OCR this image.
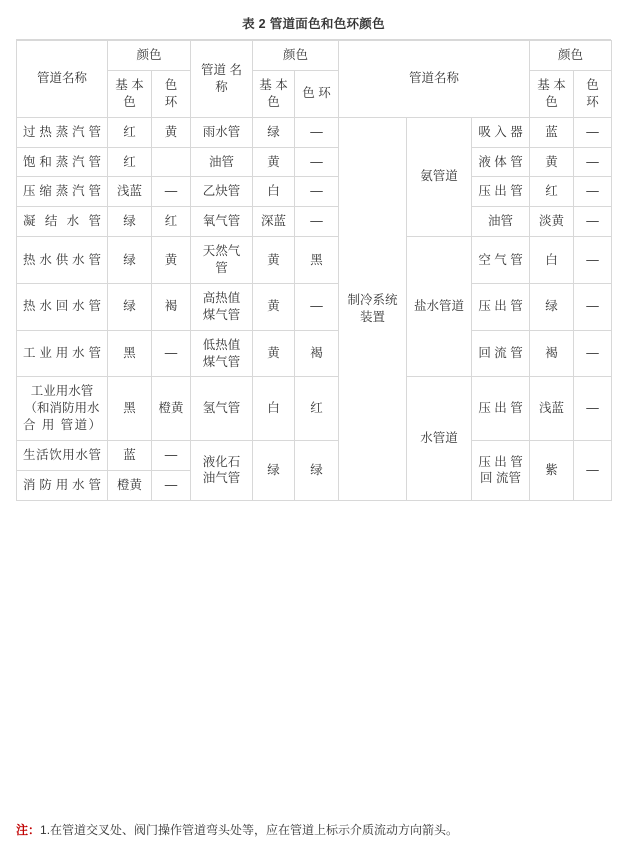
表 2 管道面色和色环颜色
管道名称	颜色		管道 名 称	颜色		管道名称			颜色	
	基 本 色	色 环		基 本 色	色 环				基 本 色	色 环
过热蒸汽管	红	黄	雨水管	绿	—	制冷系统装置	氨管道	吸 入 器	蓝	—
饱和蒸汽管	红		油管	黄	—			液 体 管	黄	—
压缩蒸汽管	浅蓝	—	乙炔管	白	—			压 出 管	红	—
凝结水管	绿	红	氧气管	深蓝	—			油管	淡黄	—
热水供水管	绿	黄	天然气管	黄	黑		盐水管道	空 气 管	白	—
热水回水管	绿	褐	高热值煤气管	黄	—			压 出 管	绿	—
工业用水管	黑	—	低热值煤气管	黄	褐			回 流 管	褐	—
工业用水管（和消防用水 合 用 管道）	黑	橙黄	氢气管	白	红		水管道	压 出 管	浅蓝	—
生活饮用水管	蓝	—	液化石油气管	绿	绿			压 出 管 回 流管	紫	—
消防用水管	橙黄	—								
注：1.在管道交叉处、阀门操作管道弯头处等，应在管道上标示介质流动方向箭头。
